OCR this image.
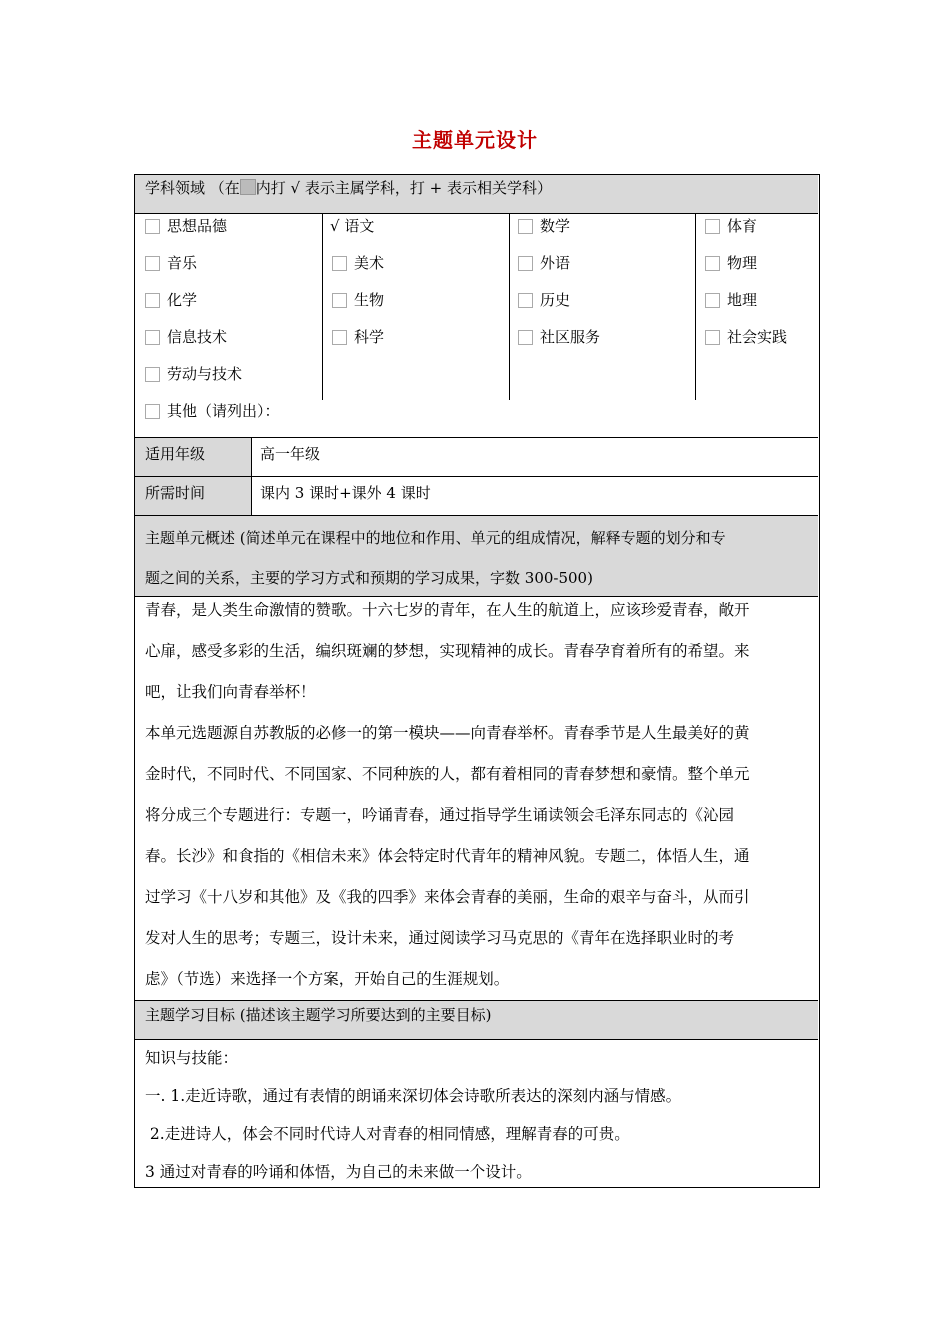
主题单元设计
学科领域 （在 内打 √ 表示主属学科，打 + 表示相关学科）
思想品德
音乐
化学
信息技术
劳动与技术
√ 语文
美术
生物
科学
数学
外语
历史
社区服务
体育
物理
地理
社会实践
其他（请列出）：
适用年级	高一年级
所需时间	课内 3 课时+课外 4 课时
主题单元概述 (简述单元在课程中的地位和作用、单元的组成情况，解释专题的划分和专
题之间的关系，主要的学习方式和预期的学习成果，字数 300-500)
青春，是人类生命激情的赞歌。十六七岁的青年，在人生的航道上，应该珍爱青春，敞开
心扉，感受多彩的生活，编织斑斓的梦想，实现精神的成长。青春孕育着所有的希望。来
吧，让我们向青春举杯！
本单元选题源自苏教版的必修一的第一模块——向青春举杯。青春季节是人生最美好的黄
金时代，不同时代、不同国家、不同种族的人，都有着相同的青春梦想和豪情。整个单元
将分成三个专题进行：专题一，吟诵青春，通过指导学生诵读领会毛泽东同志的《沁园
春。长沙》和食指的《相信未来》体会特定时代青年的精神风貌。专题二，体悟人生，通
过学习《十八岁和其他》及《我的四季》来体会青春的美丽，生命的艰辛与奋斗，从而引
发对人生的思考；专题三，设计未来，通过阅读学习马克思的《青年在选择职业时的考
虑》（节选）来选择一个方案，开始自己的生涯规划。
主题学习目标 (描述该主题学习所要达到的主要目标)
知识与技能：
一. 1.走近诗歌，通过有表情的朗诵来深切体会诗歌所表达的深刻内涵与情感。
2.走进诗人，体会不同时代诗人对青春的相同情感，理解青春的可贵。
3 通过对青春的吟诵和体悟，为自己的未来做一个设计。
